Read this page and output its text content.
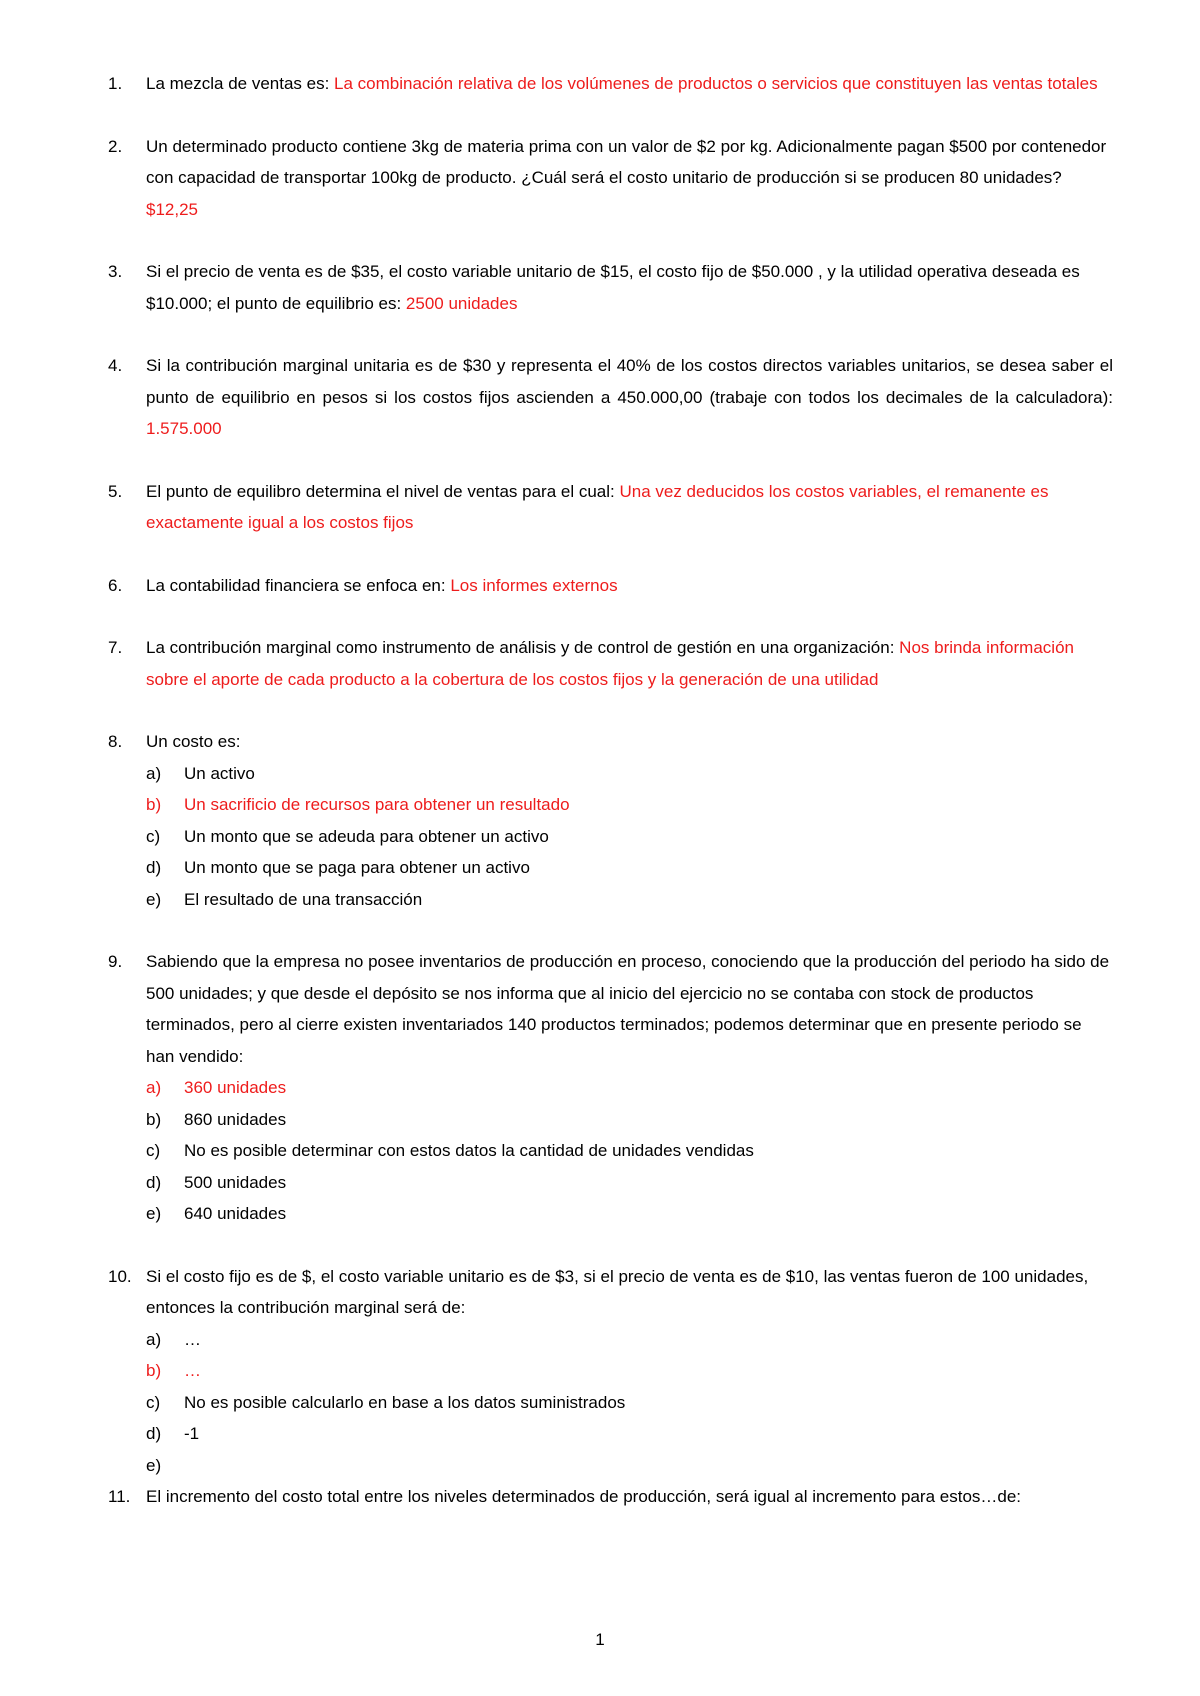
1.	La mezcla de ventas es: La combinación relativa de los volúmenes de productos o servicios que constituyen las ventas totales
2.	Un determinado producto contiene 3kg de materia prima con un valor de $2 por kg. Adicionalmente pagan $500 por contenedor con capacidad de transportar 100kg de producto. ¿Cuál será el costo unitario de producción si se producen 80 unidades? $12,25
3.	Si el precio de venta es de $35, el costo variable unitario de $15, el costo fijo de $50.000 , y la utilidad operativa deseada es $10.000; el punto de equilibrio es: 2500 unidades
4.	Si la contribución marginal unitaria es de $30 y representa el 40% de los costos directos variables unitarios, se desea saber el punto de equilibrio en pesos si los costos fijos ascienden a 450.000,00 (trabaje con todos los decimales de la calculadora): 1.575.000
5.	El punto de equilibro determina el nivel de ventas para el cual: Una vez deducidos los costos variables, el remanente es exactamente igual a los costos fijos
6.	La contabilidad financiera se enfoca en: Los informes externos
7.	La contribución marginal como instrumento de análisis y de control de gestión en una organización: Nos brinda información sobre el aporte de cada producto a la cobertura de los costos fijos y la generación de una utilidad
8.	Un costo es:
a)	Un activo
b)	Un sacrificio de recursos para obtener un resultado
c)	Un monto que se adeuda para obtener un activo
d)	Un monto que se paga para obtener un activo
e)	El resultado de una transacción
9.	Sabiendo que la empresa no posee inventarios de producción en proceso, conociendo que la producción del periodo ha sido de 500 unidades; y que desde el depósito se nos informa que al inicio del ejercicio no se contaba con stock de productos terminados, pero al cierre existen inventariados 140 productos terminados; podemos determinar que en presente periodo se han vendido:
a)	360 unidades
b)	860 unidades
c)	No es posible determinar con estos datos la cantidad de unidades vendidas
d)	500 unidades
e)	640 unidades
10. Si el costo fijo es de $, el costo variable unitario es de $3, si el precio de venta es de $10, las ventas fueron de 100 unidades, entonces la contribución marginal será de:
a)	…
b)	…
c)	No es posible calcularlo en base a los datos suministrados
d)	-1
e)
11. El incremento del costo total entre los niveles determinados de producción, será igual al incremento para estos…de:
1
